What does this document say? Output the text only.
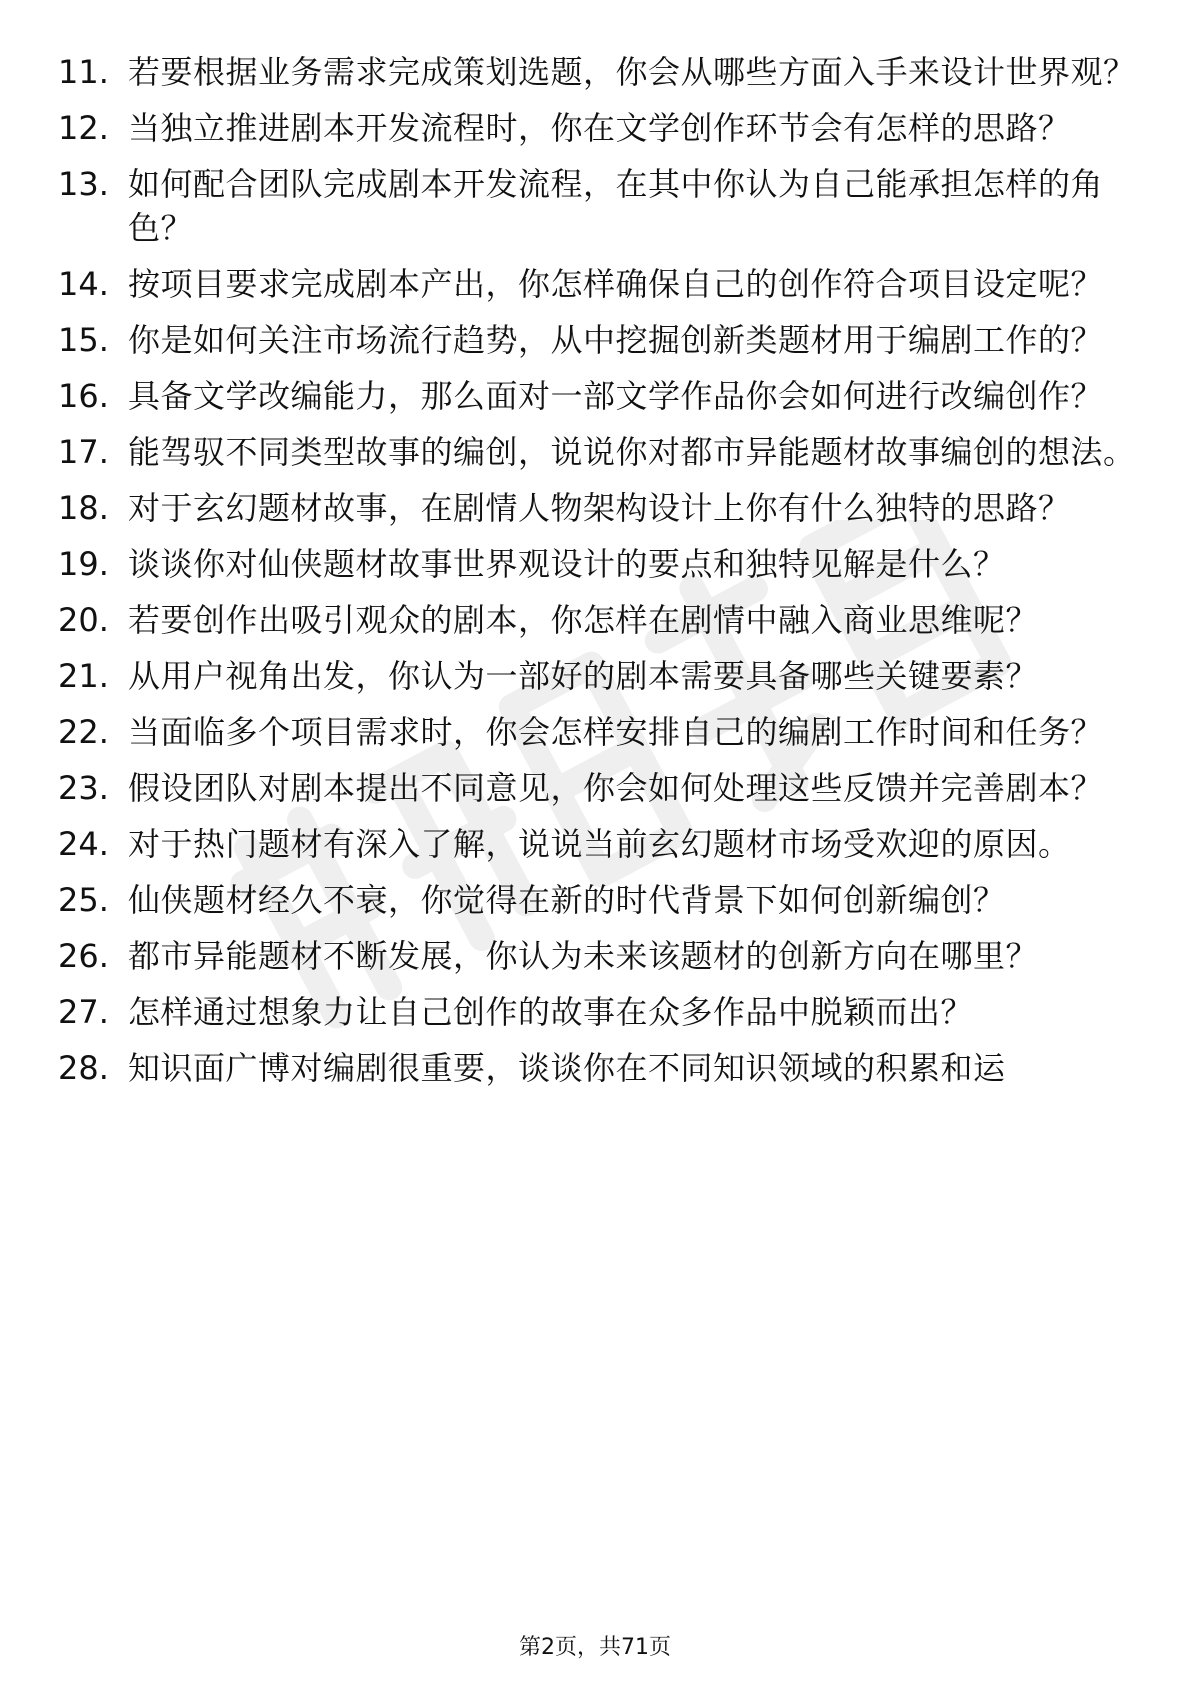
11. 若要根据业务需求完成策划选题，你会从哪些方面入手来设计世界观？
12. 当独立推进剧本开发流程时，你在文学创作环节会有怎样的思路？
13. 如何配合团队完成剧本开发流程，在其中你认为自己能承担怎样的角色？
14. 按项目要求完成剧本产出，你怎样确保自己的创作符合项目设定呢？
15. 你是如何关注市场流行趋势，从中挖掘创新类题材用于编剧工作的？
16. 具备文学改编能力，那么面对一部文学作品你会如何进行改编创作？
17. 能驾驭不同类型故事的编创，说说你对都市异能题材故事编创的想法。
18. 对于玄幻题材故事，在剧情人物架构设计上你有什么独特的思路？
19. 谈谈你对仙侠题材故事世界观设计的要点和独特见解是什么？
20. 若要创作出吸引观众的剧本，你怎样在剧情中融入商业思维呢？
21. 从用户视角出发，你认为一部好的剧本需要具备哪些关键要素？
22. 当面临多个项目需求时，你会怎样安排自己的编剧工作时间和任务？
23. 假设团队对剧本提出不同意见，你会如何处理这些反馈并完善剧本？
24. 对于热门题材有深入了解，说说当前玄幻题材市场受欢迎的原因。
25. 仙侠题材经久不衰，你觉得在新的时代背景下如何创新编创？
26. 都市异能题材不断发展，你认为未来该题材的创新方向在哪里？
27. 怎样通过想象力让自己创作的故事在众多作品中脱颖而出？
28. 知识面广博对编剧很重要，谈谈你在不同知识领域的积累和运
第2页，共71页
